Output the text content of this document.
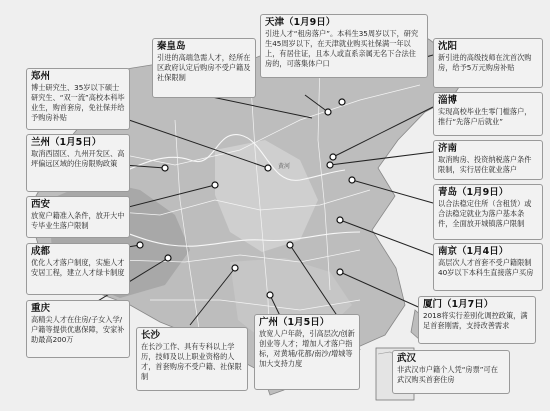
黄河
天津（1月9日）
引进人才“租房落户”。本科生35周岁以下，研究生45周岁以下，在天津就业购买社保满一年以上，有居住证，且本人或直系亲属无名下合法住房的，可落集体户口
秦皇岛
引进的高端急需人才，经所在区政府认定后购房不受户籍及社保限制
郑州
博士研究生、35岁以下硕士研究生、“双一流”高校本科毕业生，购首套房，免社保并给予购房补贴
兰州（1月5日）
取消西固区、九州开发区、高坪偏远区域的住房限购政策
西安
放宽户籍准入条件，放开大中专毕业生落户限制
成都
优化人才落户制度，实施人才安居工程，建立人才绿卡制度
重庆
高精尖人才在住房/子女入学/户籍等提供优惠保障，安家补助最高200万	长沙
在长沙工作、具有专科以上学历，技师及以上职业资格的人才，首套购房不受户籍、社保限制
广州（1月5日）
放宽人户年龄，引高层次/创新创业等人才；增加人才落户指标，对黄埔/花都/南沙/增城等加大支持力度	武汉
非武汉市户籍个人凭“房票”可在武汉购买首套住房
厦门（1月7日）
2018将实行差别化调控政策，满足首套刚需，支持改善需求
南京（1月4日）
高层次人才首套不受户籍限制40岁以下本科生直接落户买房
青岛（1月9日）
以合法稳定住所（含租赁）或合法稳定就业为落户基本条件，全面放开城镇落户限制
济南
取消购房、投资纳税落户条件限制，实行居住就业落户
淄博
实现高校毕业生零门槛落户，推行“先落户后就业”
沈阳
新引进的高级技师在沈首次购房，给予5万元购房补贴
